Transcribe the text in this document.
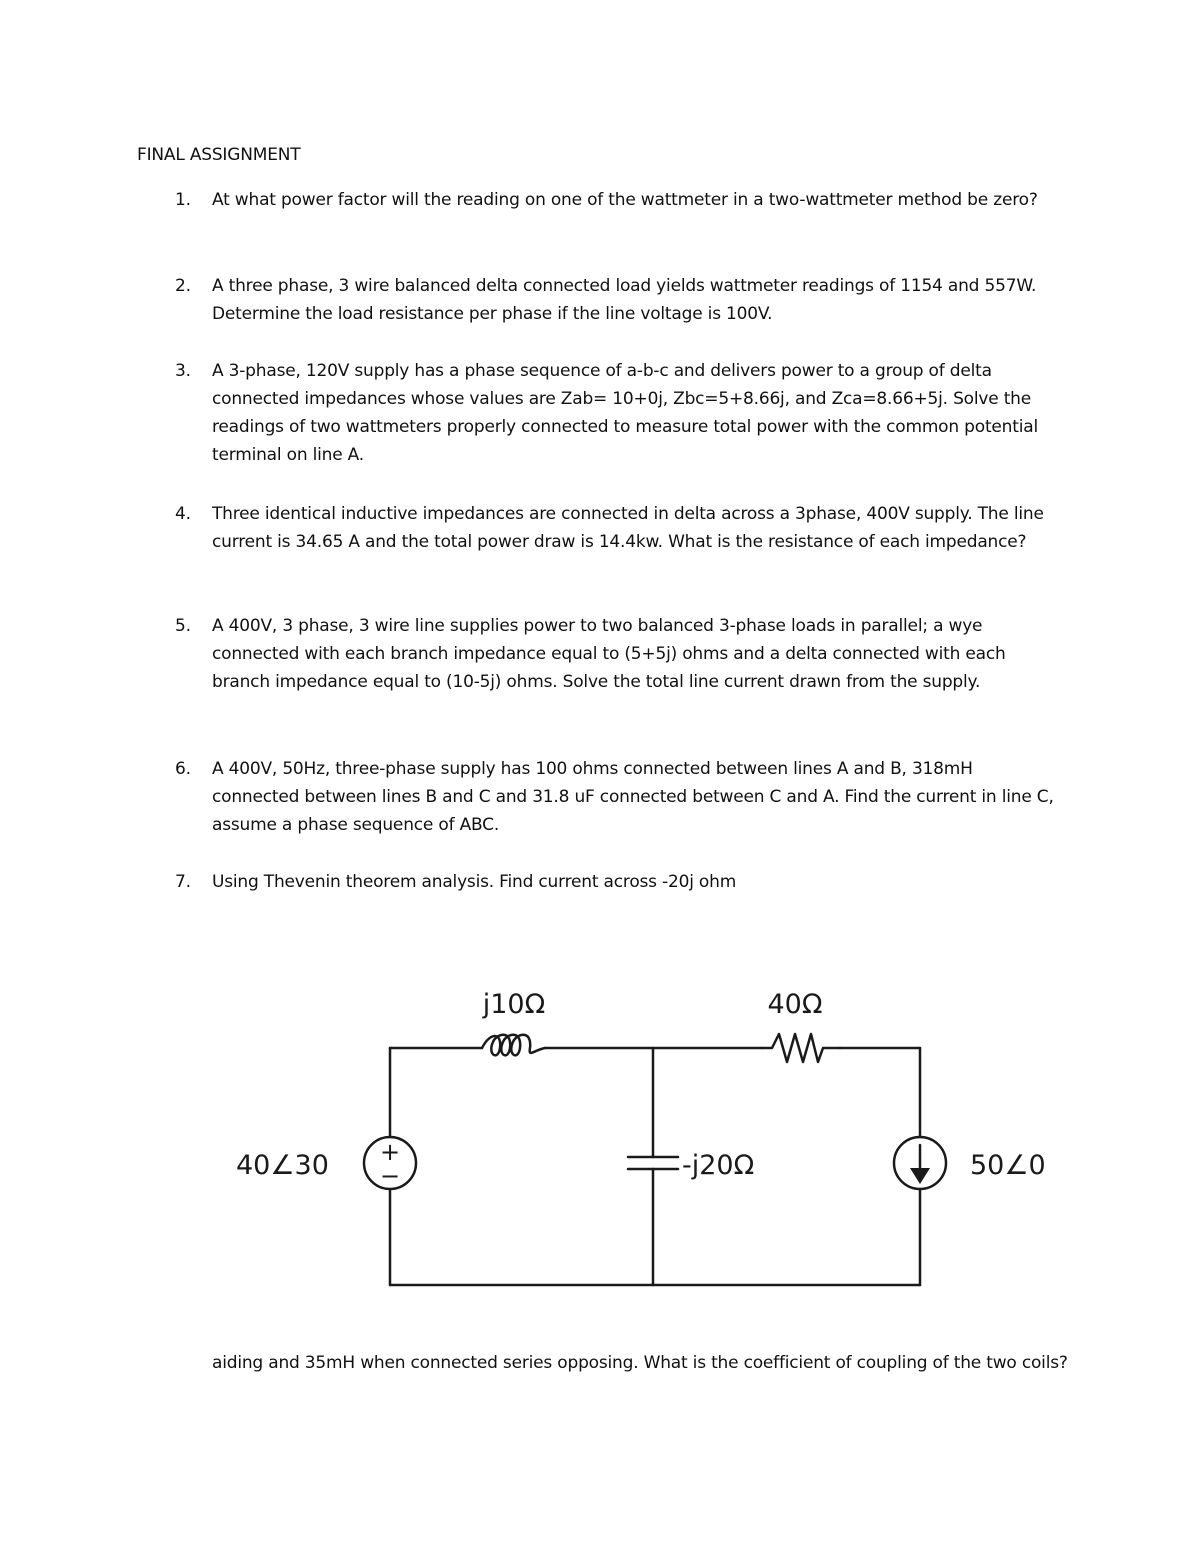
FINAL ASSIGNMENT
1.	At what power factor will the reading on one of the wattmeter in a two-wattmeter method be zero?
2.	A three phase, 3 wire balanced delta connected load yields wattmeter readings of 1154 and 557W. Determine the load resistance per phase if the line voltage is 100V.
3.	A 3-phase, 120V supply has a phase sequence of a-b-c and delivers power to a group of delta connected impedances whose values are Zab= 10+0j, Zbc=5+8.66j, and Zca=8.66+5j. Solve the readings of two wattmeters properly connected to measure total power with the common potential terminal on line A.
4.	Three identical inductive impedances are connected in delta across a 3phase, 400V supply. The line current is 34.65 A and the total power draw is 14.4kw. What is the resistance of each impedance?
5.	A 400V, 3 phase, 3 wire line supplies power to two balanced 3-phase loads in parallel; a wye connected with each branch impedance equal to (5+5j) ohms and a delta connected with each branch impedance equal to (10-5j) ohms. Solve the total line current drawn from the supply.
6.	A 400V, 50Hz, three-phase supply has 100 ohms connected between lines A and B, 318mH connected between lines B and C and 31.8 uF connected between C and A. Find the current in line C, assume a phase sequence of ABC.
7.	Using Thevenin theorem analysis. Find current across -20j ohm
+
−
j10Ω	40Ω
40∠30	-j20Ω	50∠0
aiding and 35mH when connected series opposing. What is the coefficient of coupling of the two coils?
